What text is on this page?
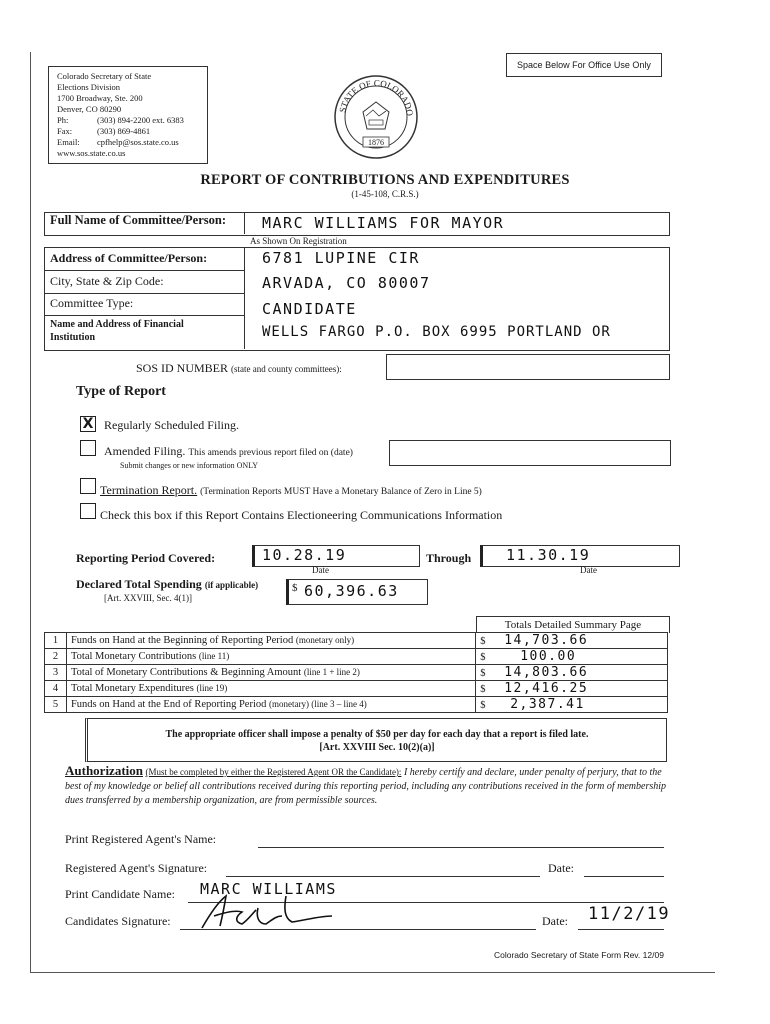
Space Below For Office Use Only
Colorado Secretary of State
Elections Division
1700 Broadway, Ste. 200
Denver, CO 80290
Ph:	(303) 894-2200 ext. 6383
Fax:	(303) 869-4861
Email:	cpfhelp@sos.state.co.us
www.sos.state.co.us
STATE OF COLORADO
1876
REPORT OF CONTRIBUTIONS AND EXPENDITURES
(1-45-108, C.R.S.)
Full Name of Committee/Person: MARC WILLIAMS FOR MAYOR
As Shown On Registration
Address of Committee/Person:	6781 LUPINE CIR
City, State & Zip Code:	ARVADA, CO 80007
Committee Type:	CANDIDATE
Name and Address of Financial
Institution	WELLS FARGO P.O. BOX 6995 PORTLAND OR
SOS ID NUMBER (state and county committees):
Type of Report
X Regularly Scheduled Filing.
Amended Filing. This amends previous report filed on (date)
Submit changes or new information ONLY
Termination Report. (Termination Reports MUST Have a Monetary Balance of Zero in Line 5)
Check this box if this Report Contains Electioneering Communications Information
Reporting Period Covered:	10.28.19
Date
Through 11.30.19
Date
Declared Total Spending (if applicable)
[Art. XXVIII, Sec. 4(1)]
$ 60,396.63
Totals Detailed Summary Page
1	Funds on Hand at the Beginning of Reporting Period (monetary only)	$ 14,703.66
2	Total Monetary Contributions (line 11)	$ 100.00
3	Total of Monetary Contributions & Beginning Amount (line 1 + line 2)	$ 14,803.66
4	Total Monetary Expenditures (line 19)	$ 12,416.25
5	Funds on Hand at the End of Reporting Period (monetary) (line 3 – line 4)	$ 2,387.41
The appropriate officer shall impose a penalty of $50 per day for each day that a report is filed late.
[Art. XXVIII Sec. 10(2)(a)]
Authorization (Must be completed by either the Registered Agent OR the Candidate): I hereby certify and declare, under penalty of perjury, that to the best of my knowledge or belief all contributions received during this reporting period, including any contributions received in the form of membership dues transferred by a membership organization, are from permissible sources.
Print Registered Agent's Name:
Registered Agent's Signature:	Date:
Print Candidate Name: MARC WILLIAMS
Candidates Signature:	Date: 11/2/19
Colorado Secretary of State Form Rev. 12/09
